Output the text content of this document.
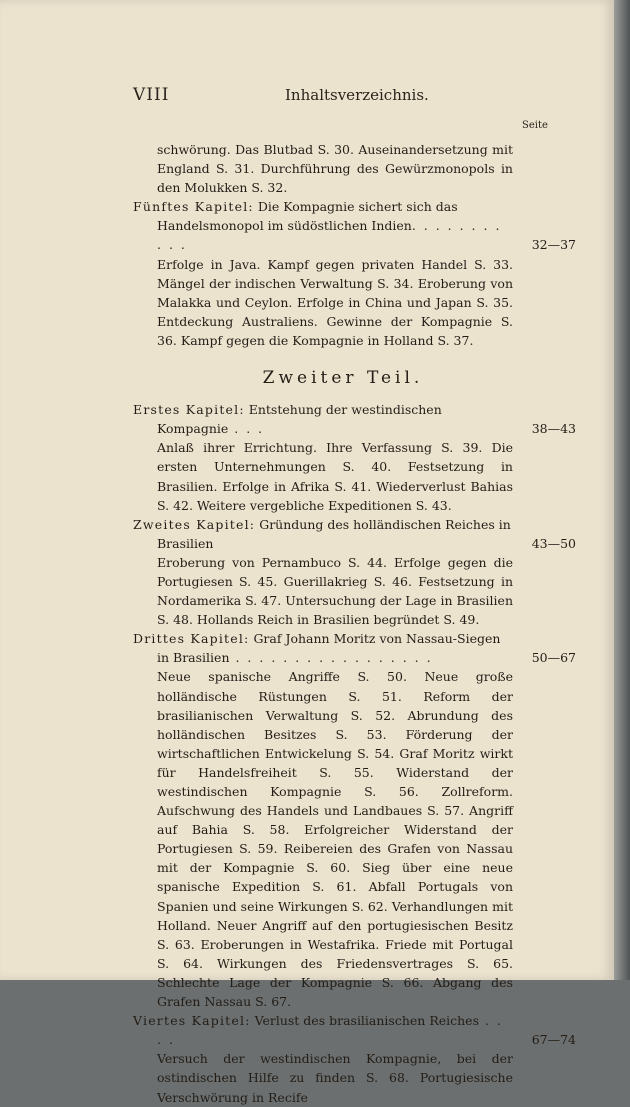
VIII	Inhaltsverzeichnis.
Seite
schwörung. Das Blutbad S. 30. Auseinandersetzung mit England S. 31. Durchführung des Gewürzmonopols in den Molukken S. 32.
Fünftes Kapitel: Die Kompagnie sichert sich das Handelsmonopol im südöstlichen Indien. . . . . . . . . . .	32—37
Erfolge in Java. Kampf gegen privaten Handel S. 33. Mängel der indischen Verwaltung S. 34. Eroberung von Malakka und Ceylon. Erfolge in China und Japan S. 35. Entdeckung Australiens. Gewinne der Kompagnie S. 36. Kampf gegen die Kompagnie in Holland S. 37.
Zweiter Teil.
Erstes Kapitel: Entstehung der westindischen Kompagnie . . .	38—43
Anlaß ihrer Errichtung. Ihre Verfassung S. 39. Die ersten Unternehmungen S. 40. Festsetzung in Brasilien. Erfolge in Afrika S. 41. Wiederverlust Bahias S. 42. Weitere vergebliche Expeditionen S. 43.
Zweites Kapitel: Gründung des holländischen Reiches in Brasilien	43—50
Eroberung von Pernambuco S. 44. Erfolge gegen die Portugiesen S. 45. Guerillakrieg S. 46. Festsetzung in Nordamerika S. 47. Untersuchung der Lage in Brasilien S. 48. Hollands Reich in Brasilien begründet S. 49.
Drittes Kapitel: Graf Johann Moritz von Nassau-Siegen in Brasilien . . . . . . . . . . . . . . . . .	50—67
Neue spanische Angriffe S. 50. Neue große holländische Rüstungen S. 51. Reform der brasilianischen Verwaltung S. 52. Abrundung des holländischen Besitzes S. 53. Förderung der wirtschaftlichen Entwickelung S. 54. Graf Moritz wirkt für Handelsfreiheit S. 55. Widerstand der westindischen Kompagnie S. 56. Zollreform. Aufschwung des Handels und Landbaues S. 57. Angriff auf Bahia S. 58. Erfolgreicher Widerstand der Portugiesen S. 59. Reibereien des Grafen von Nassau mit der Kompagnie S. 60. Sieg über eine neue spanische Expedition S. 61. Abfall Portugals von Spanien und seine Wirkungen S. 62. Verhandlungen mit Holland. Neuer Angriff auf den portugiesischen Besitz S. 63. Eroberungen in Westafrika. Friede mit Portugal S. 64. Wirkungen des Friedensvertrages S. 65. Schlechte Lage der Kompagnie S. 66. Abgang des Grafen Nassau S. 67.
Viertes Kapitel: Verlust des brasilianischen Reiches . . . .	67—74
Versuch der westindischen Kompagnie, bei der ostindischen Hilfe zu finden S. 68. Portugiesische Verschwörung in Recife
